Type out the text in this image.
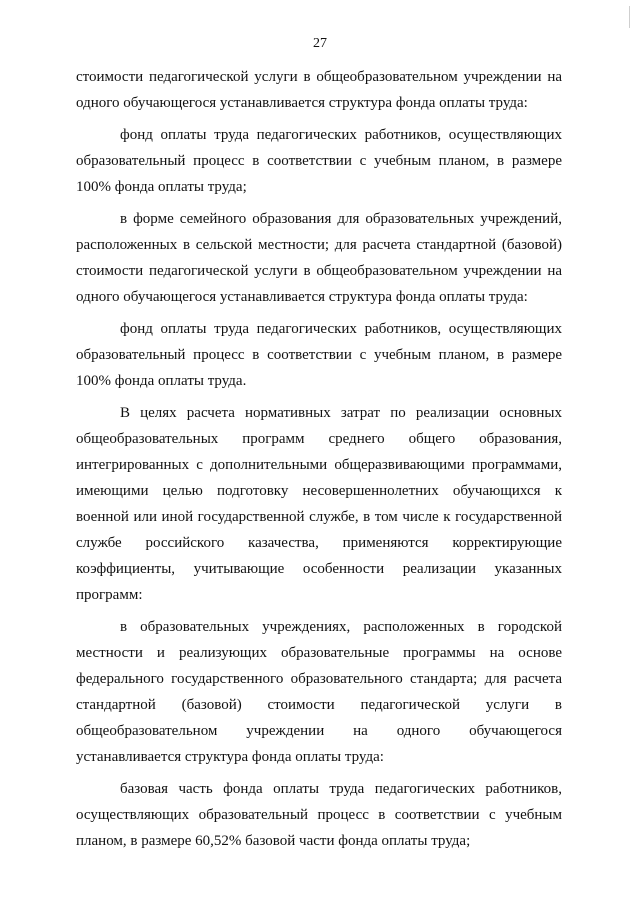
27

стоимости педагогической услуги в общеобразовательном учреждении на одного обучающегося устанавливается структура фонда оплаты труда:

фонд оплаты труда педагогических работников, осуществляющих образовательный процесс в соответствии с учебным планом, в размере 100% фонда оплаты труда;

в форме семейного образования для образовательных учреждений, расположенных в сельской местности; для расчета стандартной (базовой) стоимости педагогической услуги в общеобразовательном учреждении на одного обучающегося устанавливается структура фонда оплаты труда:

фонд оплаты труда педагогических работников, осуществляющих образовательный процесс в соответствии с учебным планом, в размере 100% фонда оплаты труда.

В целях расчета нормативных затрат по реализации основных общеобразовательных программ среднего общего образования, интегрированных с дополнительными общеразвивающими программами, имеющими целью подготовку несовершеннолетних обучающихся к военной или иной государственной службе, в том числе к государственной службе российского казачества, применяются корректирующие коэффициенты, учитывающие особенности реализации указанных программ:

в образовательных учреждениях, расположенных в городской местности и реализующих образовательные программы на основе федерального государственного образовательного стандарта; для расчета стандартной (базовой) стоимости педагогической услуги в общеобразовательном учреждении на одного обучающегося устанавливается структура фонда оплаты труда:

базовая часть фонда оплаты труда педагогических работников, осуществляющих образовательный процесс в соответствии с учебным планом, в размере 60,52% базовой части фонда оплаты труда;
